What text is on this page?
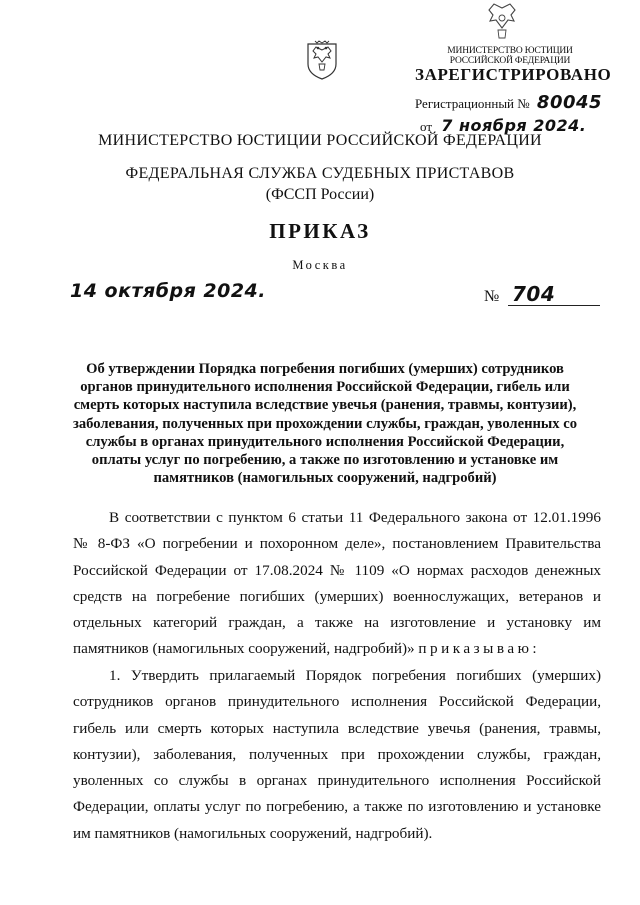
МИНИСТЕРСТВО ЮСТИЦИИ РОССИЙСКОЙ ФЕДЕРАЦИИ
ЗАРЕГИСТРИРОВАНО
Регистрационный № 80045
от 7 ноября 2024.
МИНИСТЕРСТВО ЮСТИЦИИ РОССИЙСКОЙ ФЕДЕРАЦИИ
ФЕДЕРАЛЬНАЯ СЛУЖБА СУДЕБНЫХ ПРИСТАВОВ
(ФССП России)
ПРИКАЗ
Москва
14 октября 2024.	№ 704
Об утверждении Порядка погребения погибших (умерших) сотрудников органов принудительного исполнения Российской Федерации, гибель или смерть которых наступила вследствие увечья (ранения, травмы, контузии), заболевания, полученных при прохождении службы, граждан, уволенных со службы в органах принудительного исполнения Российской Федерации, оплаты услуг по погребению, а также по изготовлению и установке им памятников (намогильных сооружений, надгробий)
В соответствии с пунктом 6 статьи 11 Федерального закона от 12.01.1996 № 8-ФЗ «О погребении и похоронном деле», постановлением Правительства Российской Федерации от 17.08.2024 № 1109 «О нормах расходов денежных средств на погребение погибших (умерших) военнослужащих, ветеранов и отдельных категорий граждан, а также на изготовление и установку им памятников (намогильных сооружений, надгробий)» приказываю:
1. Утвердить прилагаемый Порядок погребения погибших (умерших) сотрудников органов принудительного исполнения Российской Федерации, гибель или смерть которых наступила вследствие увечья (ранения, травмы, контузии), заболевания, полученных при прохождении службы, граждан, уволенных со службы в органах принудительного исполнения Российской Федерации, оплаты услуг по погребению, а также по изготовлению и установке им памятников (намогильных сооружений, надгробий).
